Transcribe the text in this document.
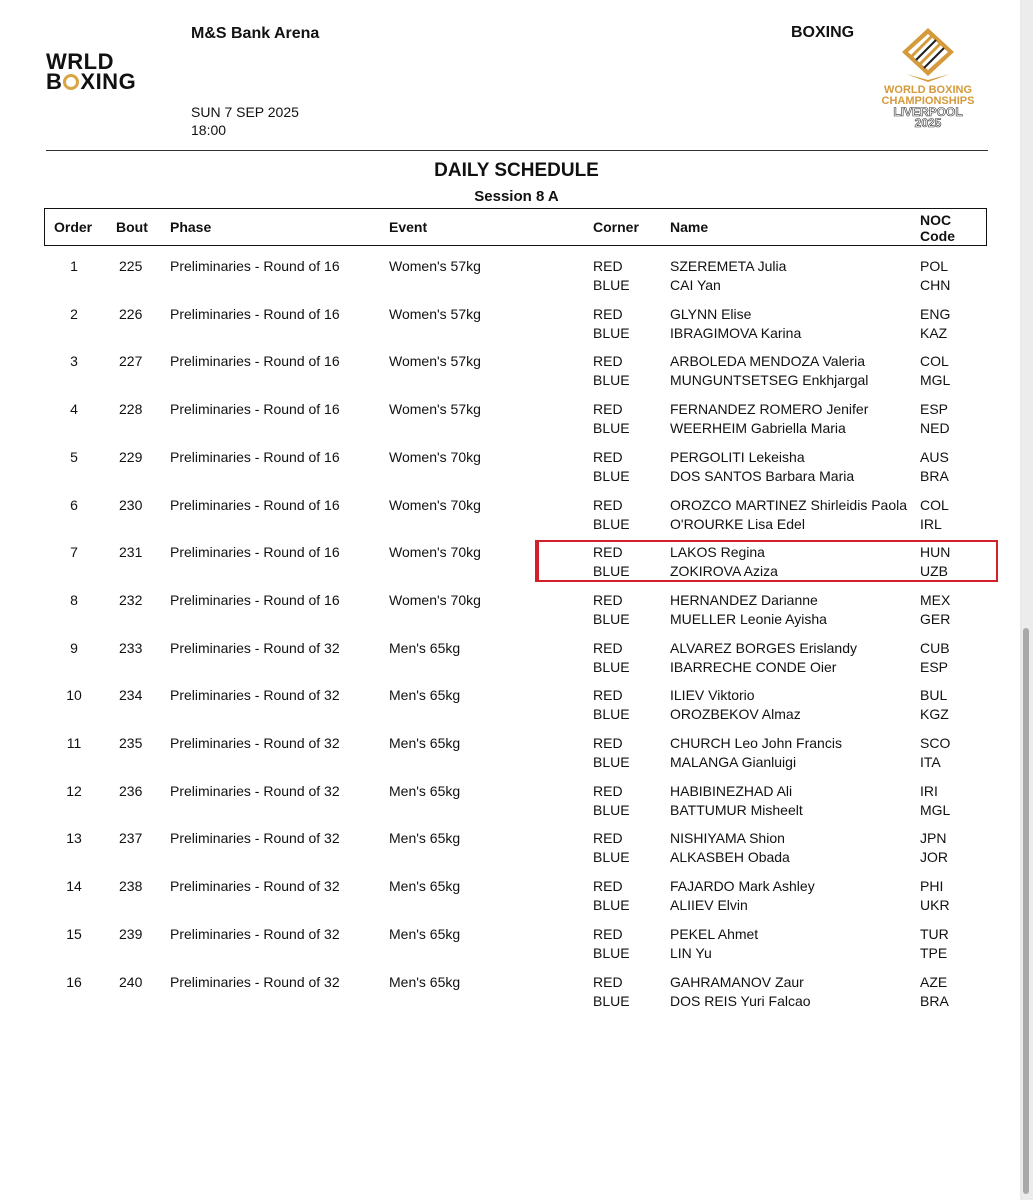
WRLD
B XING
M&S Bank Arena
SUN 7 SEP 2025
18:00
BOXING
WORLD BOXING
CHAMPIONSHIPS
LIVERPOOL
2025
DAILY SCHEDULE
Session 8 A
Order Bout Phase	Event	Corner Name	NOC
Code
1	225 Preliminaries - Round of 16	Women's 57kg	RED	SZEREMETA Julia	POL
BLUE	CAI Yan	CHN
2	226 Preliminaries - Round of 16	Women's 57kg	RED	GLYNN Elise	ENG
BLUE	IBRAGIMOVA Karina	KAZ
3	227 Preliminaries - Round of 16	Women's 57kg	RED	ARBOLEDA MENDOZA Valeria	COL
BLUE	MUNGUNTSETSEG Enkhjargal	MGL
4	228 Preliminaries - Round of 16	Women's 57kg	RED	FERNANDEZ ROMERO Jenifer	ESP
BLUE	WEERHEIM Gabriella Maria	NED
5	229 Preliminaries - Round of 16	Women's 70kg	RED	PERGOLITI Lekeisha	AUS
BLUE	DOS SANTOS Barbara Maria	BRA
6	230 Preliminaries - Round of 16	Women's 70kg	RED	OROZCO MARTINEZ Shirleidis Paola COL
BLUE	O'ROURKE Lisa Edel	IRL
7	231 Preliminaries - Round of 16	Women's 70kg	RED	LAKOS Regina	HUN
BLUE	ZOKIROVA Aziza	UZB
8	232 Preliminaries - Round of 16	Women's 70kg	RED	HERNANDEZ Darianne	MEX
BLUE	MUELLER Leonie Ayisha	GER
9	233 Preliminaries - Round of 32	Men's 65kg	RED	ALVAREZ BORGES Erislandy	CUB
BLUE	IBARRECHE CONDE Oier	ESP
10	234 Preliminaries - Round of 32	Men's 65kg	RED	ILIEV Viktorio	BUL
BLUE	OROZBEKOV Almaz	KGZ
11	235 Preliminaries - Round of 32	Men's 65kg	RED	CHURCH Leo John Francis	SCO
BLUE	MALANGA Gianluigi	ITA
12	236 Preliminaries - Round of 32	Men's 65kg	RED	HABIBINEZHAD Ali	IRI
BLUE	BATTUMUR Misheelt	MGL
13	237 Preliminaries - Round of 32	Men's 65kg	RED	NISHIYAMA Shion	JPN
BLUE	ALKASBEH Obada	JOR
14	238 Preliminaries - Round of 32	Men's 65kg	RED	FAJARDO Mark Ashley	PHI
BLUE	ALIIEV Elvin	UKR
15	239 Preliminaries - Round of 32	Men's 65kg	RED	PEKEL Ahmet	TUR
BLUE	LIN Yu	TPE
16	240 Preliminaries - Round of 32	Men's 65kg	RED	GAHRAMANOV Zaur	AZE
BLUE	DOS REIS Yuri Falcao	BRA
